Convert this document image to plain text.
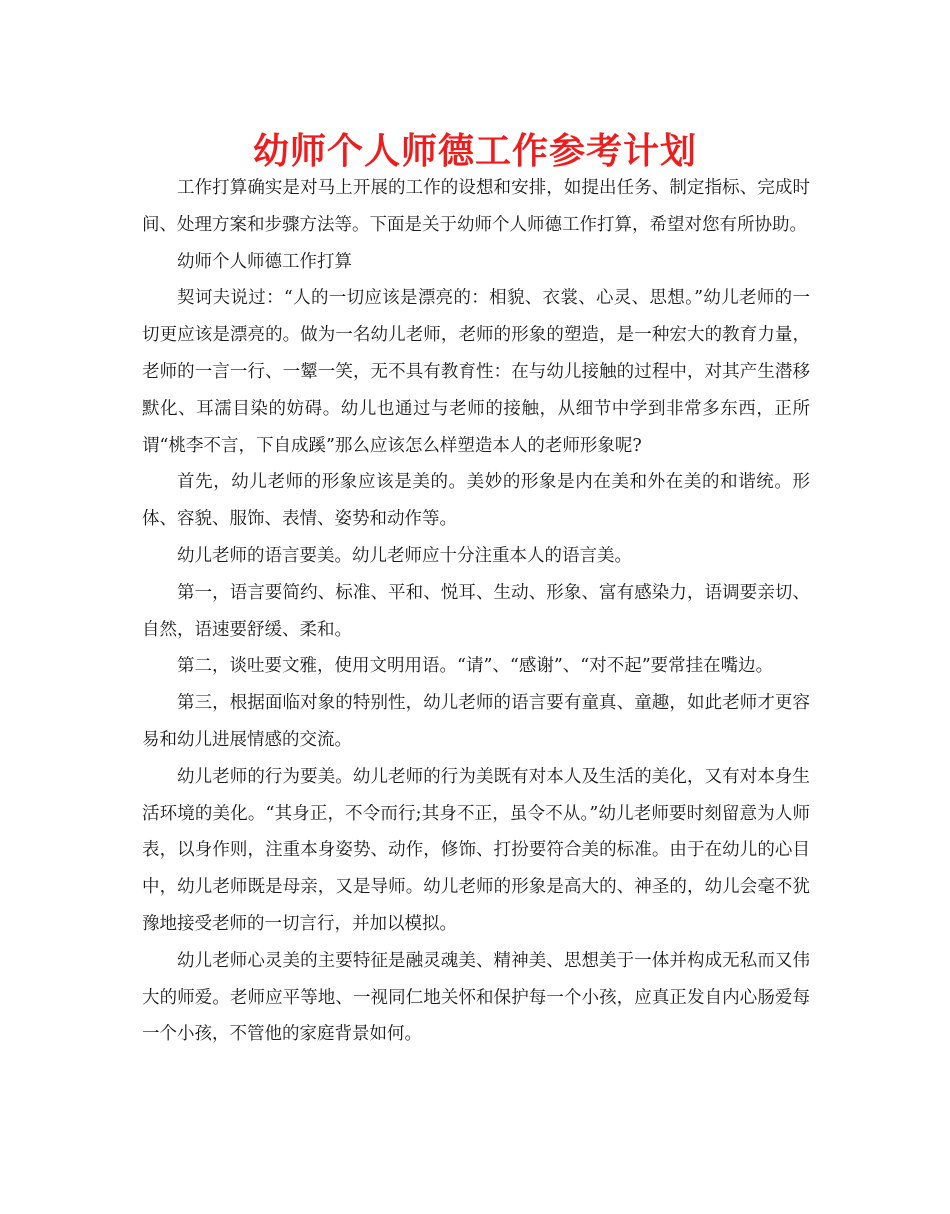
幼师个人师德工作参考计划

工作打算确实是对马上开展的工作的设想和安排，如提出任务、制定指标、完成时间、处理方案和步骤方法等。下面是关于幼师个人师德工作打算，希望对您有所协助。

幼师个人师德工作打算

契诃夫说过：“人的一切应该是漂亮的：相貌、衣裳、心灵、思想。”幼儿老师的一切更应该是漂亮的。做为一名幼儿老师，老师的形象的塑造，是一种宏大的教育力量，老师的一言一行、一颦一笑，无不具有教育性：在与幼儿接触的过程中，对其产生潜移默化、耳濡目染的妨碍。幼儿也通过与老师的接触，从细节中学到非常多东西，正所谓“桃李不言，下自成蹊”那么应该怎么样塑造本人的老师形象呢?

首先，幼儿老师的形象应该是美的。美妙的形象是内在美和外在美的和谐统。形体、容貌、服饰、表情、姿势和动作等。

幼儿老师的语言要美。幼儿老师应十分注重本人的语言美。

第一，语言要简约、标准、平和、悦耳、生动、形象、富有感染力，语调要亲切、自然，语速要舒缓、柔和。

第二，谈吐要文雅，使用文明用语。“请”、“感谢”、“对不起”要常挂在嘴边。

第三，根据面临对象的特别性，幼儿老师的语言要有童真、童趣，如此老师才更容易和幼儿进展情感的交流。

幼儿老师的行为要美。幼儿老师的行为美既有对本人及生活的美化，又有对本身生活环境的美化。“其身正，不令而行;其身不正，虽令不从。”幼儿老师要时刻留意为人师表，以身作则，注重本身姿势、动作，修饰、打扮要符合美的标准。由于在幼儿的心目中，幼儿老师既是母亲，又是导师。幼儿老师的形象是高大的、神圣的，幼儿会毫不犹豫地接受老师的一切言行，并加以模拟。

幼儿老师心灵美的主要特征是融灵魂美、精神美、思想美于一体并构成无私而又伟大的师爱。老师应平等地、一视同仁地关怀和保护每一个小孩，应真正发自内心肠爱每一个小孩，不管他的家庭背景如何。
